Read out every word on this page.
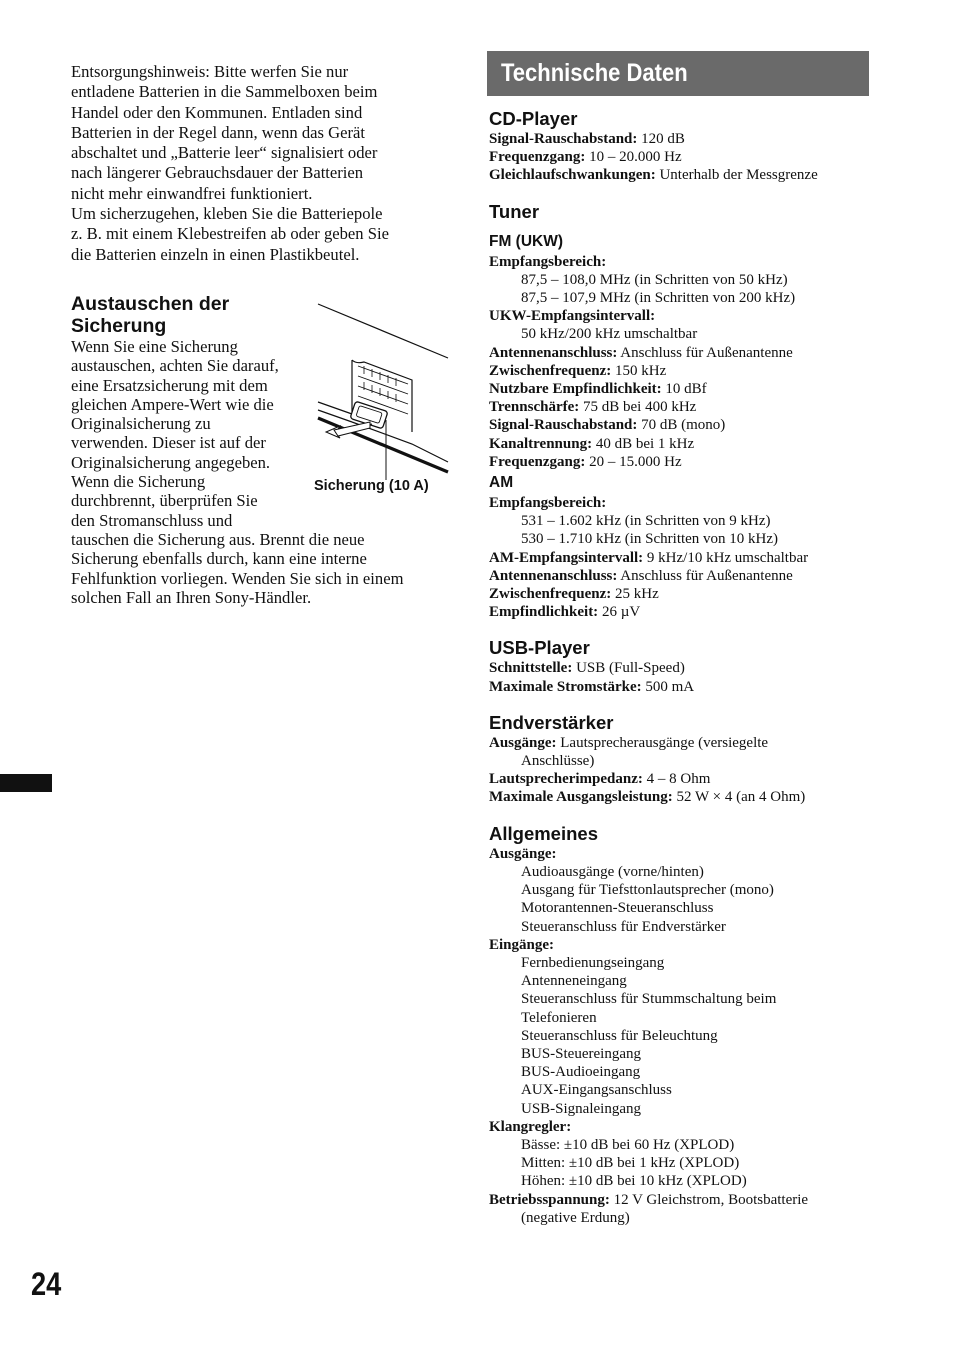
Entsorgungshinweis: Bitte werfen Sie nur

entladene Batterien in die Sammelboxen beim

Handel oder den Kommunen. Entladen sind

Batterien in der Regel dann, wenn das Gerät

abschaltet und „Batterie leer“ signalisiert oder

nach längerer Gebrauchsdauer der Batterien

nicht mehr einwandfrei funktioniert.

Um sicherzugehen, kleben Sie die Batteriepole

z. B. mit einem Klebestreifen ab oder geben Sie

die Batterien einzeln in einen Plastikbeutel.

Austauschen der
Sicherung

Wenn Sie eine Sicherung

austauschen, achten Sie darauf,

eine Ersatzsicherung mit dem

gleichen Ampere-Wert wie die

Originalsicherung zu

verwenden. Dieser ist auf der

Originalsicherung angegeben.

Wenn die Sicherung

durchbrennt, überprüfen Sie

den Stromanschluss und

tauschen die Sicherung aus. Brennt die neue

Sicherung ebenfalls durch, kann eine interne

Fehlfunktion vorliegen. Wenden Sie sich in einem

solchen Fall an Ihren Sony-Händler.

Sicherung (10 A)
24
Technische Daten
CD-Player
Signal-Rauschabstand: 120 dB
Frequenzgang: 10 – 20.000 Hz
Gleichlaufschwankungen: Unterhalb der Messgrenze
Tuner
FM (UKW)
Empfangsbereich:
87,5 – 108,0 MHz (in Schritten von 50 kHz)
87,5 – 107,9 MHz (in Schritten von 200 kHz)
UKW-Empfangsintervall:
50 kHz/200 kHz umschaltbar
Antennenanschluss: Anschluss für Außenantenne
Zwischenfrequenz: 150 kHz
Nutzbare Empfindlichkeit: 10 dBf
Trennschärfe: 75 dB bei 400 kHz
Signal-Rauschabstand: 70 dB (mono)
Kanaltrennung: 40 dB bei 1 kHz
Frequenzgang: 20 – 15.000 Hz
AM
Empfangsbereich:
531 – 1.602 kHz (in Schritten von 9 kHz)
530 – 1.710 kHz (in Schritten von 10 kHz)
AM-Empfangsintervall: 9 kHz/10 kHz umschaltbar
Antennenanschluss: Anschluss für Außenantenne
Zwischenfrequenz: 25 kHz
Empfindlichkeit: 26 µV
USB-Player
Schnittstelle: USB (Full-Speed)
Maximale Stromstärke: 500 mA
Endverstärker
Ausgänge: Lautsprecherausgänge (versiegelte
Anschlüsse)
Lautsprecherimpedanz: 4 – 8 Ohm
Maximale Ausgangsleistung: 52 W × 4 (an 4 Ohm)
Allgemeines
Ausgänge:
Audioausgänge (vorne/hinten)
Ausgang für Tiefsttonlautsprecher (mono)
Motorantennen-Steueranschluss
Steueranschluss für Endverstärker
Eingänge:
Fernbedienungseingang
Antenneneingang
Steueranschluss für Stummschaltung beim
Telefonieren
Steueranschluss für Beleuchtung
BUS-Steuereingang
BUS-Audioeingang
AUX-Eingangsanschluss
USB-Signaleingang
Klangregler:
Bässe: ±10 dB bei 60 Hz (XPLOD)
Mitten: ±10 dB bei 1 kHz (XPLOD)
Höhen: ±10 dB bei 10 kHz (XPLOD)
Betriebsspannung: 12 V Gleichstrom, Bootsbatterie
(negative Erdung)
